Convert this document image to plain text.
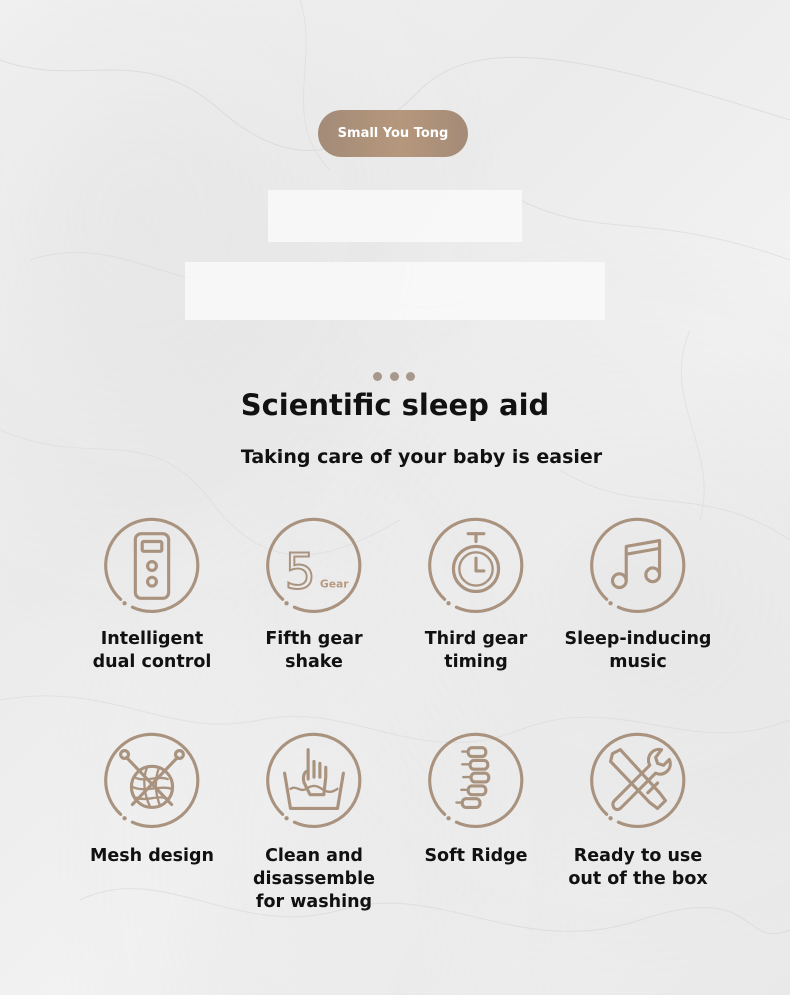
Small You Tong
Scientific sleep aid
Taking care of your baby is easier
Intelligent
dual control
5 Gear
Fifth gear
shake
Third gear
timing
Sleep-inducing
music
Mesh design	Clean and
disassemble
for washing
Soft Ridge	Ready to use
out of the box
